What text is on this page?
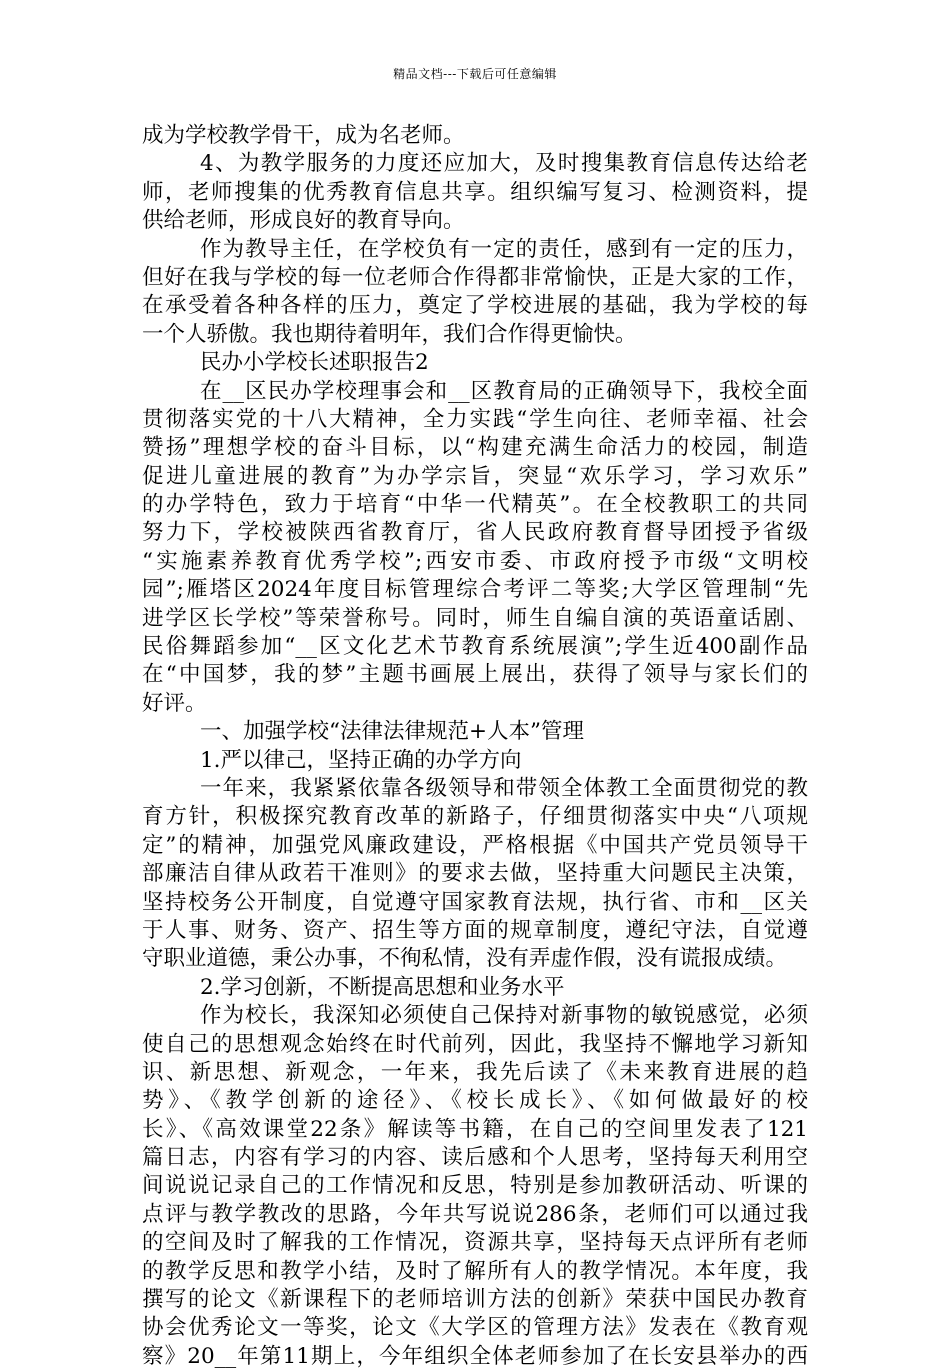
精品文档---下载后可任意编辑
成为学校教学骨干，成为名老师。
4、为教学服务的力度还应加大，及时搜集教育信息传达给老
师，老师搜集的优秀教育信息共享。组织编写复习、检测资料，提
供给老师，形成良好的教育导向。
作为教导主任，在学校负有一定的责任，感到有一定的压力，
但好在我与学校的每一位老师合作得都非常愉快，正是大家的工作，
在承受着各种各样的压力，奠定了学校进展的基础，我为学校的每
一个人骄傲。我也期待着明年，我们合作得更愉快。
民办小学校长述职报告2
在__区民办学校理事会和__区教育局的正确领导下，我校全面
贯彻落实党的十八大精神，全力实践“学生向往、老师幸福、社会
赞扬”理想学校的奋斗目标，以“构建充满生命活力的校园，制造
促进儿童进展的教育”为办学宗旨，突显“欢乐学习，学习欢乐”
的办学特色，致力于培育“中华一代精英”。在全校教职工的共同
努力下，学校被陕西省教育厅，省人民政府教育督导团授予省级
“实施素养教育优秀学校”;西安市委、市政府授予市级“文明校
园”;雁塔区2024年度目标管理综合考评二等奖;大学区管理制“先
进学区长学校”等荣誉称号。同时，师生自编自演的英语童话剧、
民俗舞蹈参加“__区文化艺术节教育系统展演”;学生近400副作品
在“中国梦，我的梦”主题书画展上展出，获得了领导与家长们的
好评。
一、加强学校“法律法律规范+人本”管理
1.严以律己，坚持正确的办学方向
一年来，我紧紧依靠各级领导和带领全体教工全面贯彻党的教
育方针，积极探究教育改革的新路子，仔细贯彻落实中央“八项规
定”的精神，加强党风廉政建设，严格根据《中国共产党员领导干
部廉洁自律从政若干准则》的要求去做，坚持重大问题民主决策，
坚持校务公开制度，自觉遵守国家教育法规，执行省、市和__区关
于人事、财务、资产、招生等方面的规章制度，遵纪守法，自觉遵
守职业道德，秉公办事，不徇私情，没有弄虚作假，没有谎报成绩。
2.学习创新，不断提高思想和业务水平
作为校长，我深知必须使自己保持对新事物的敏锐感觉，必须
使自己的思想观念始终在时代前列，因此，我坚持不懈地学习新知
识、新思想、新观念，一年来，我先后读了《未来教育进展的趋
势》、《教学创新的途径》、《校长成长》、《如何做最好的校
长》、《高效课堂22条》解读等书籍，在自己的空间里发表了121
篇日志，内容有学习的内容、读后感和个人思考，坚持每天利用空
间说说记录自己的工作情况和反思，特别是参加教研活动、听课的
点评与教学教改的思路，今年共写说说286条，老师们可以通过我
的空间及时了解我的工作情况，资源共享，坚持每天点评所有老师
的教学反思和教学小结，及时了解所有人的教学情况。本年度，我
撰写的论文《新课程下的老师培训方法的创新》荣获中国民办教育
协会优秀论文一等奖，论文《大学区的管理方法》发表在《教育观
察》20__年第11期上，今年组织全体老师参加了在长安县举办的西
